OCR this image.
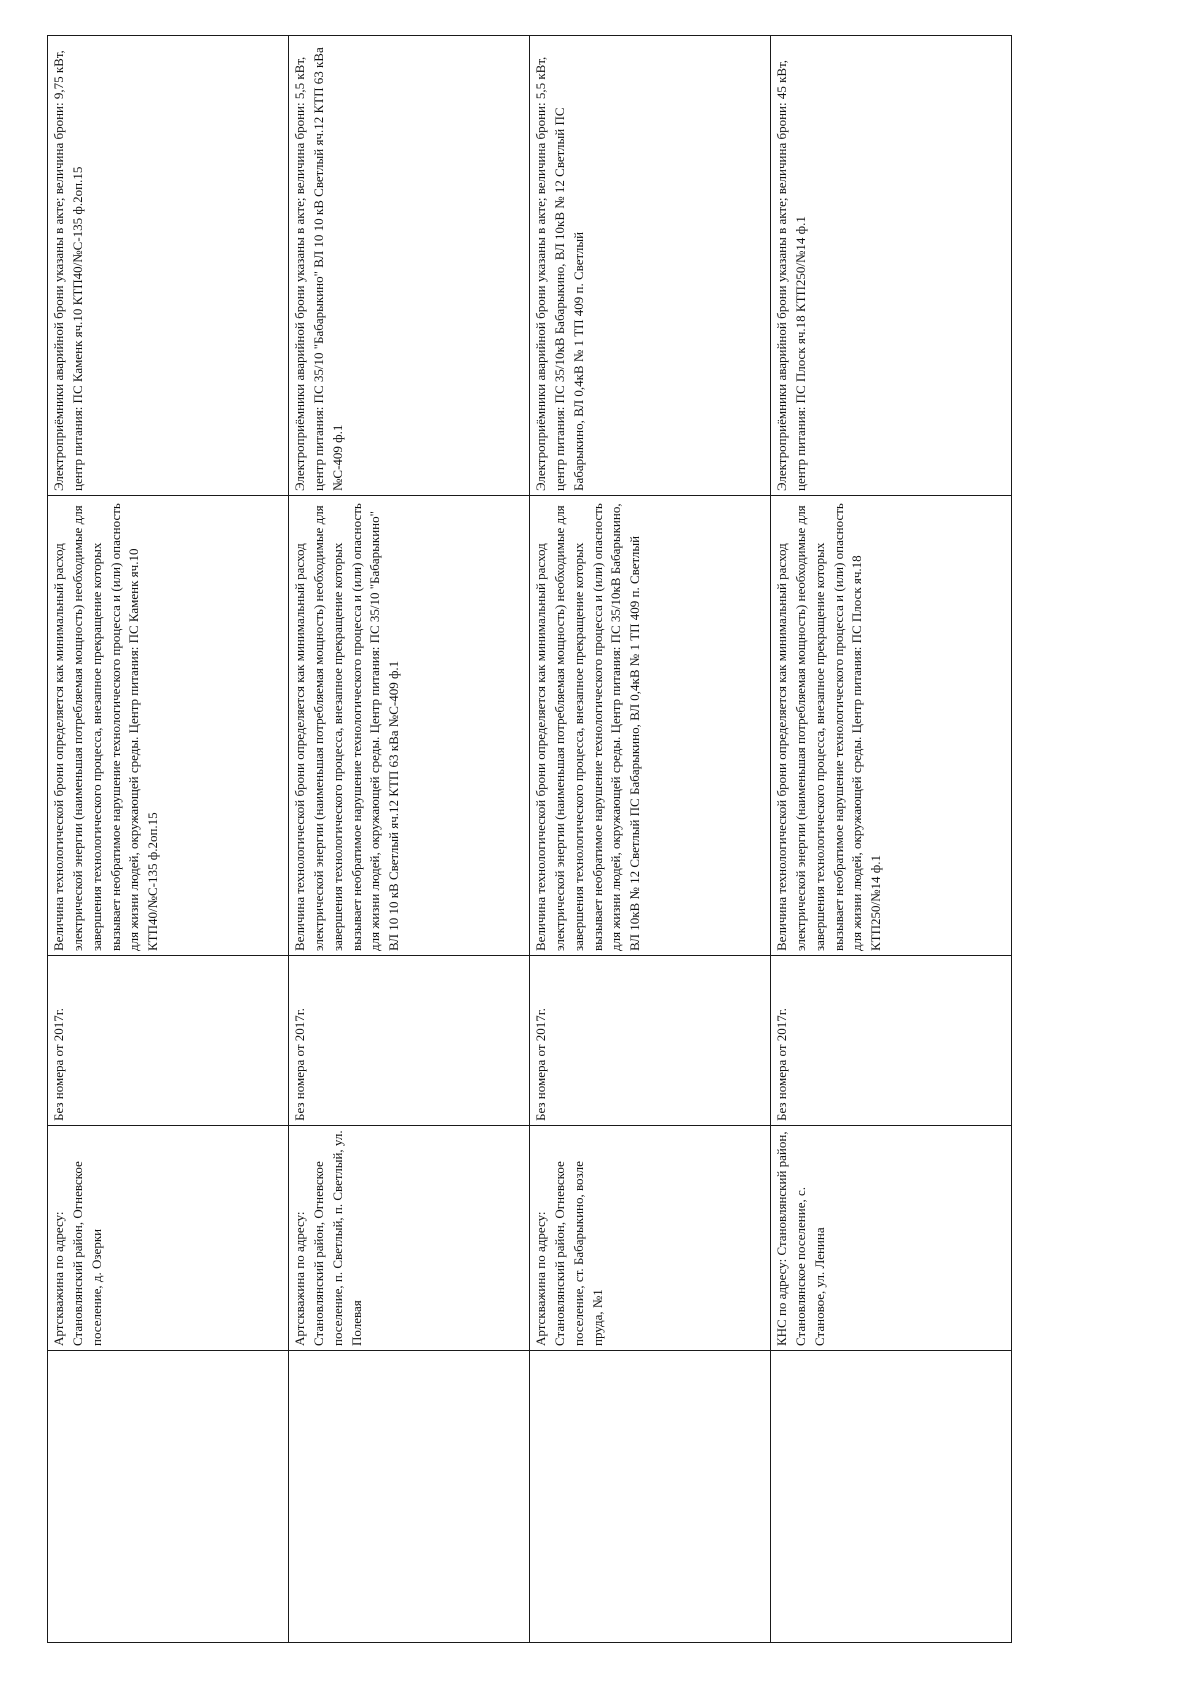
	Артскважина по адресу: Становлянский район, Огневское поселение, д. Озерки	Без номера от 2017г.	Величина технологической брони определяется как минимальный расход электрической энергии (наименьшая потребляемая мощность) необходимые для завершения технологического процесса, внезапное прекращение которых вызывает необратимое нарушение технологического процесса и (или) опасность для жизни людей, окружающей среды. Центр питания: ПС Каменк яч.10 КТП40/№С-135 ф.2оп.15	Электроприёмники аварийной брони указаны в акте; величина брони: 9,75 кВт, центр питания: ПС Каменк яч.10 КТП40/№С-135 ф.2оп.15
	Артскважина по адресу: Становлянский район, Огневское поселение, п. Светлый, п. Светлый, ул. Полевая	Без номера от 2017г.	Величина технологической брони определяется как минимальный расход электрической энергии (наименьшая потребляемая мощность) необходимые для завершения технологического процесса, внезапное прекращение которых вызывает необратимое нарушение технологического процесса и (или) опасность для жизни людей, окружающей среды. Центр питания: ПС 35/10 "Бабарыкино" ВЛ 10 10 кВ Светлый яч.12 КТП 63 кВа №С-409 ф.1	Электроприёмники аварийной брони указаны в акте; величина брони: 5,5 кВт, центр питания: ПС 35/10 "Бабарыкино" ВЛ 10 10 кВ Светлый яч.12 КТП 63 кВа №С-409 ф.1
	Артскважина по адресу: Становлянский район, Огневское поселение, ст. Бабарыкино, возле пруда, №1	Без номера от 2017г.	Величина технологической брони определяется как минимальный расход электрической энергии (наименьшая потребляемая мощность) необходимые для завершения технологического процесса, внезапное прекращение которых вызывает необратимое нарушение технологического процесса и (или) опасность для жизни людей, окружающей среды. Центр питания: ПС 35/10кВ Бабарыкино, ВЛ 10кВ № 12 Светлый ПС Бабарыкино, ВЛ 0,4кВ № 1 ТП 409 п. Светлый	Электроприёмники аварийной брони указаны в акте; величина брони: 5,5 кВт, центр питания: ПС 35/10кВ Бабарыкино, ВЛ 10кВ № 12 Светлый ПС Бабарыкино, ВЛ 0,4кВ № 1 ТП 409 п. Светлый
	КНС по адресу: Становлянский район, Становлянское поселение, с. Становое, ул. Ленина	Без номера от 2017г.	Величина технологической брони определяется как минимальный расход электрической энергии (наименьшая потребляемая мощность) необходимые для завершения технологического процесса, внезапное прекращение которых вызывает необратимое нарушение технологического процесса и (или) опасность для жизни людей, окружающей среды. Центр питания: ПС Плоск яч.18 КТП250/№14 ф.1	Электроприёмники аварийной брони указаны в акте; величина брони: 45 кВт, центр питания: ПС Плоск яч.18 КТП250/№14 ф.1
